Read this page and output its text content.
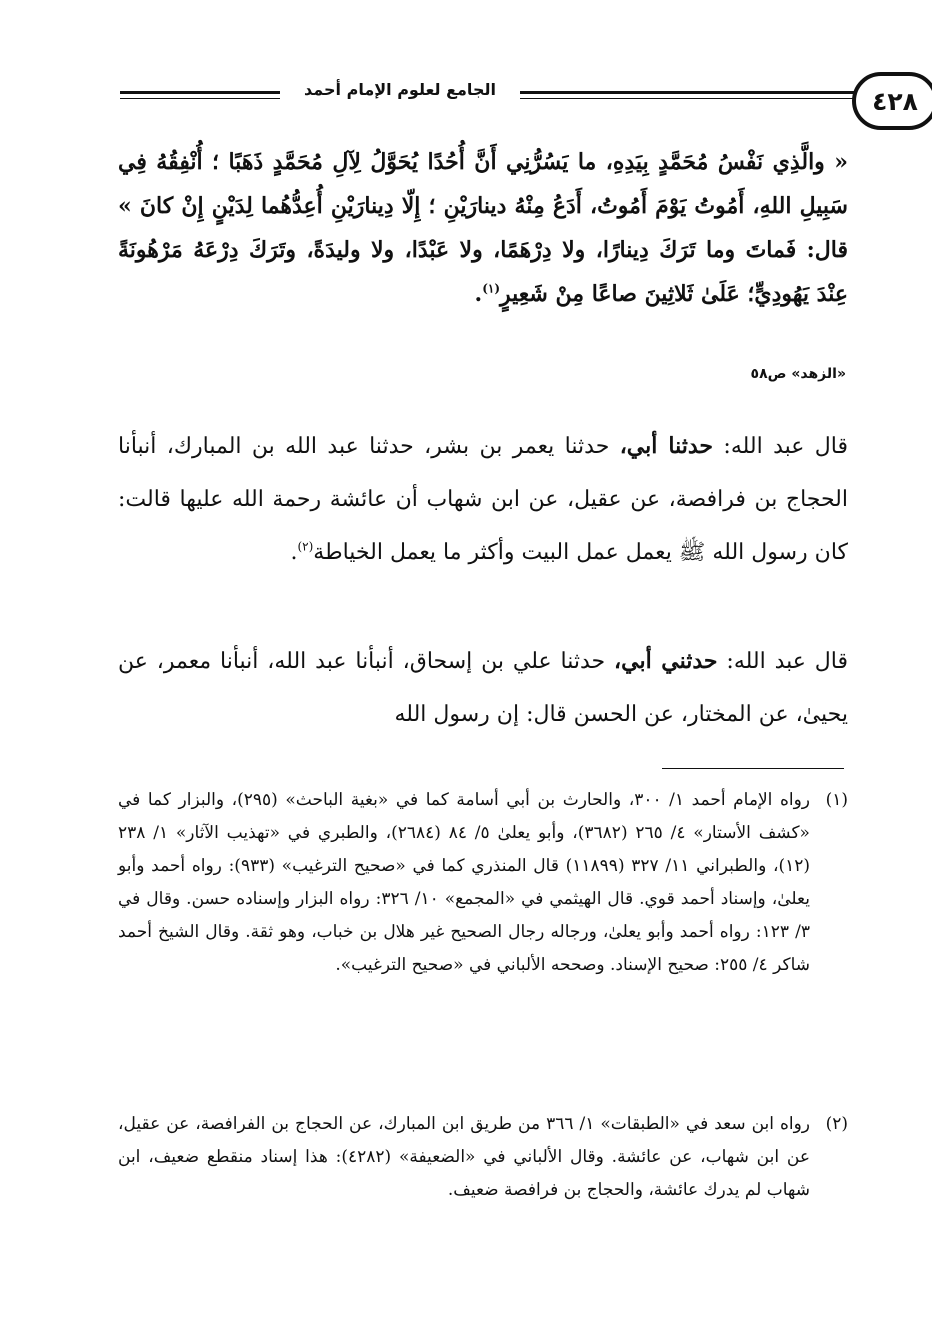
الجامع لعلوم الإمام أحمد	٤٢٨
« والَّذِي نَفْسُ مُحَمَّدٍ بِيَدِهِ، ما يَسُرُّنِي أَنَّ أُحُدًا يُحَوَّلُ لِآلِ مُحَمَّدٍ ذَهَبًا ؛ أُنْفِقُهُ فِي سَبِيلِ اللهِ، أَمُوتُ يَوْمَ أَمُوتُ، أَدَعُ مِنْهُ دينارَيْنِ ؛ إِلّا دِينارَيْنِ أُعِدُّهُما لِدَيْنٍ إِنْ كانَ » قال: فَماتَ وما تَرَكَ دِينارًا، ولا دِرْهَمًا، ولا عَبْدًا، ولا وليدَةً، وتَرَكَ دِرْعَهُ مَرْهُونَةً عِنْدَ يَهُودِيٍّ؛ عَلَىٰ ثَلاثِينَ صاعًا مِنْ شَعِيرٍ$^{(١)}$.
«الزهد» ص٥٨
قال عبد الله: حدثنا أبي، حدثنا يعمر بن بشر، حدثنا عبد الله بن المبارك، أنبأنا الحجاج بن فرافصة، عن عقيل، عن ابن شهاب أن عائشة رحمة الله عليها قالت: كان رسول الله ﷺ يعمل عمل البيت وأكثر ما يعمل الخياطة$^{(٢)}$.
قال عبد الله: حدثني أبي، حدثنا علي بن إسحاق، أنبأنا عبد الله، أنبأنا معمر، عن يحيىٰ، عن المختار، عن الحسن قال: إن رسول الله
(١)
رواه الإمام أحمد ١/ ٣٠٠، والحارث بن أبي أسامة كما في «بغية الباحث» (٢٩٥)، والبزار كما في «كشف الأستار» ٤/ ٢٦٥ (٣٦٨٢)، وأبو يعلىٰ ٥/ ٨٤ (٢٦٨٤)، والطبري في «تهذيب الآثار» ١/ ٢٣٨ (١٢)، والطبراني ١١/ ٣٢٧ (١١٨٩٩) قال المنذري كما في «صحيح الترغيب» (٩٣٣): رواه أحمد وأبو يعلىٰ، وإسناد أحمد قوي. قال الهيثمي في «المجمع» ١٠/ ٣٢٦: رواه البزار وإسناده حسن. وقال في ٣/ ١٢٣: رواه أحمد وأبو يعلىٰ، ورجاله رجال الصحيح غير هلال بن خباب، وهو ثقة. وقال الشيخ أحمد شاكر ٤/ ٢٥٥: صحيح الإسناد. وصححه الألباني في «صحيح الترغيب».
(٢)
رواه ابن سعد في «الطبقات» ١/ ٣٦٦ من طريق ابن المبارك، عن الحجاج بن الفرافصة، عن عقيل، عن ابن شهاب، عن عائشة. وقال الألباني في «الضعيفة» (٤٢٨٢): هذا إسناد منقطع ضعيف، ابن شهاب لم يدرك عائشة، والحجاج بن فرافصة ضعيف.
